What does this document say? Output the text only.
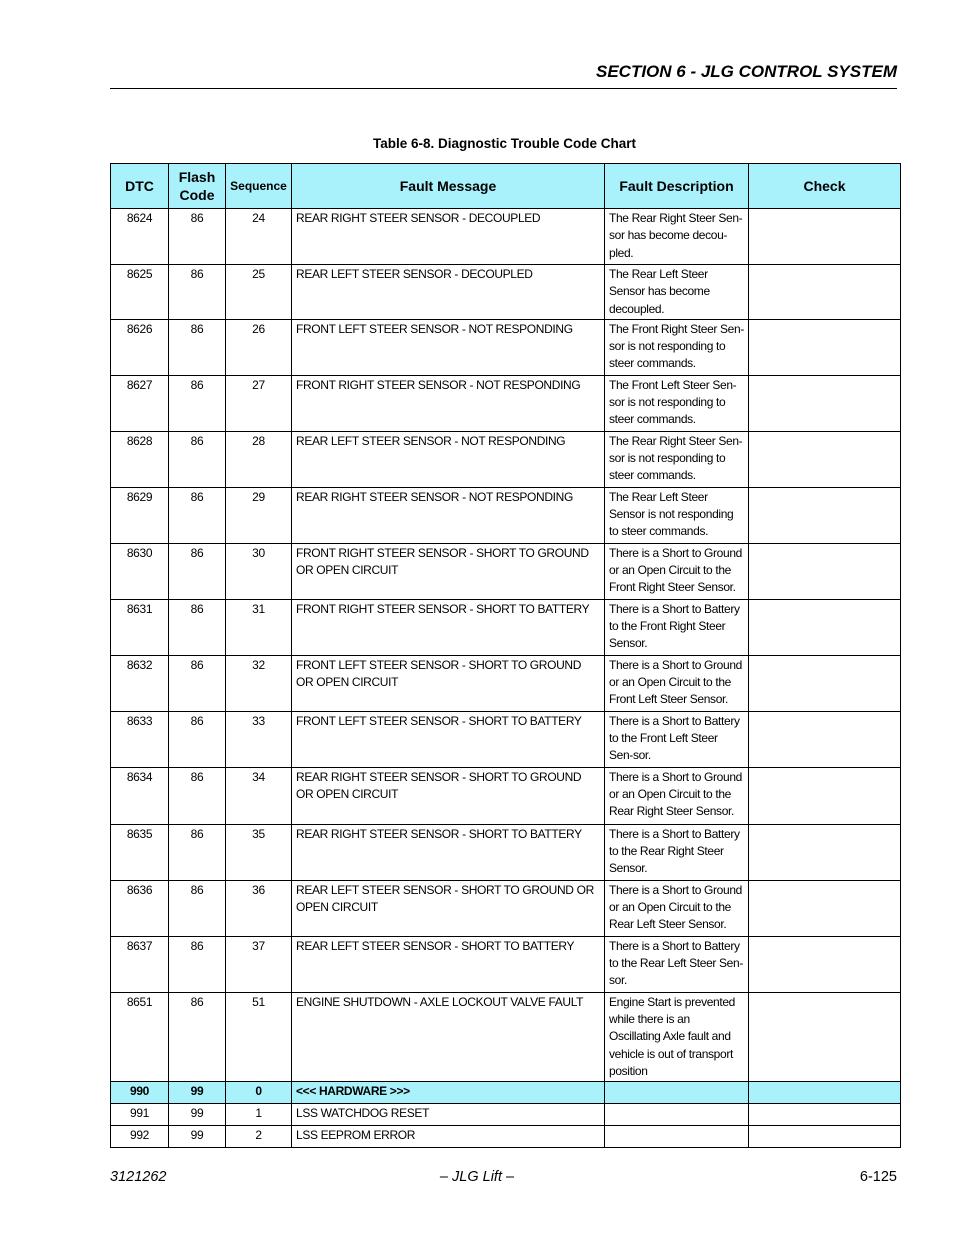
SECTION 6 - JLG CONTROL SYSTEM
Table 6-8. Diagnostic Trouble Code Chart
DTC	Flash Code	Sequence	Fault Message	Fault Description	Check
8624	86	24	REAR RIGHT STEER SENSOR - DECOUPLED	The Rear Right Steer Sen-sor has become decou-pled.	
8625	86	25	REAR LEFT STEER SENSOR - DECOUPLED	The Rear Left Steer Sensor has become decoupled.	
8626	86	26	FRONT LEFT STEER SENSOR - NOT RESPONDING	The Front Right Steer Sen-sor is not responding to steer commands.	
8627	86	27	FRONT RIGHT STEER SENSOR - NOT RESPONDING	The Front Left Steer Sen-sor is not responding to steer commands.	
8628	86	28	REAR LEFT STEER SENSOR - NOT RESPONDING	The Rear Right Steer Sen-sor is not responding to steer commands.	
8629	86	29	REAR RIGHT STEER SENSOR - NOT RESPONDING	The Rear Left Steer Sensor is not responding to steer commands.	
8630	86	30	FRONT RIGHT STEER SENSOR - SHORT TO GROUND OR OPEN CIRCUIT	There is a Short to Ground or an Open Circuit to the Front Right Steer Sensor.	
8631	86	31	FRONT RIGHT STEER SENSOR - SHORT TO BATTERY	There is a Short to Battery to the Front Right Steer Sensor.	
8632	86	32	FRONT LEFT STEER SENSOR - SHORT TO GROUND OR OPEN CIRCUIT	There is a Short to Ground or an Open Circuit to the Front Left Steer Sensor.	
8633	86	33	FRONT LEFT STEER SENSOR - SHORT TO BATTERY	There is a Short to Battery to the Front Left Steer Sen-sor.	
8634	86	34	REAR RIGHT STEER SENSOR - SHORT TO GROUND OR OPEN CIRCUIT	There is a Short to Ground or an Open Circuit to the Rear Right Steer Sensor.	
8635	86	35	REAR RIGHT STEER SENSOR - SHORT TO BATTERY	There is a Short to Battery to the Rear Right Steer Sensor.	
8636	86	36	REAR LEFT STEER SENSOR - SHORT TO GROUND OR OPEN CIRCUIT	There is a Short to Ground or an Open Circuit to the Rear Left Steer Sensor.	
8637	86	37	REAR LEFT STEER SENSOR - SHORT TO BATTERY	There is a Short to Battery to the Rear Left Steer Sen-sor.	
8651	86	51	ENGINE SHUTDOWN - AXLE LOCKOUT VALVE FAULT	Engine Start is prevented while there is an Oscillating Axle fault and vehicle is out of transport position	
990	99	0	<<< HARDWARE >>>		
991	99	1	LSS WATCHDOG RESET		
992	99	2	LSS EEPROM ERROR		
3121262	– JLG Lift –	6-125
